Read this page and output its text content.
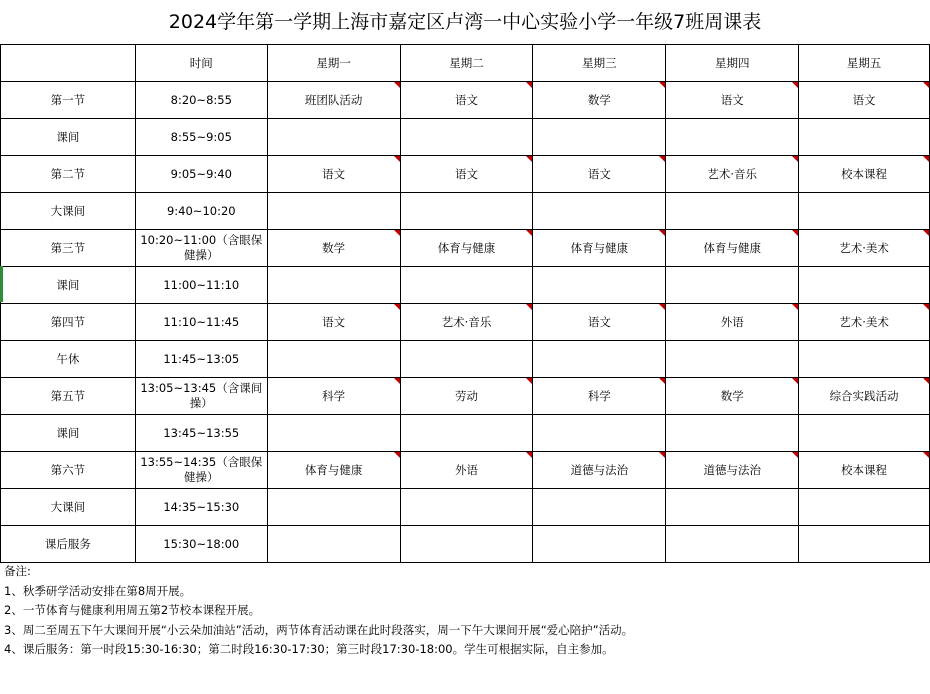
2024学年第一学期上海市嘉定区卢湾一中心实验小学一年级7班周课表
	时间	星期一	星期二	星期三	星期四	星期五
第一节	8:20~8:55	班团队活动	语文	数学	语文	语文
课间	8:55~9:05					
第二节	9:05~9:40	语文	语文	语文	艺术·音乐	校本课程
大课间	9:40~10:20					
第三节	10:20~11:00（含眼保健操）	数学	体育与健康	体育与健康	体育与健康	艺术·美术
课间	11:00~11:10					
第四节	11:10~11:45	语文	艺术·音乐	语文	外语	艺术·美术
午休	11:45~13:05					
第五节	13:05~13:45（含课间操）	科学	劳动	科学	数学	综合实践活动
课间	13:45~13:55					
第六节	13:55~14:35（含眼保健操）	体育与健康	外语	道德与法治	道德与法治	校本课程
大课间	14:35~15:30					
课后服务	15:30~18:00					
备注:
1、秋季研学活动安排在第8周开展。
2、一节体育与健康利用周五第2节校本课程开展。
3、周二至周五下午大课间开展“小云朵加油站”活动，两节体育活动课在此时段落实，周一下午大课间开展“爱心陪护”活动。
4、课后服务：第一时段15:30-16:30；第二时段16:30-17:30；第三时段17:30-18:00。学生可根据实际，自主参加。
